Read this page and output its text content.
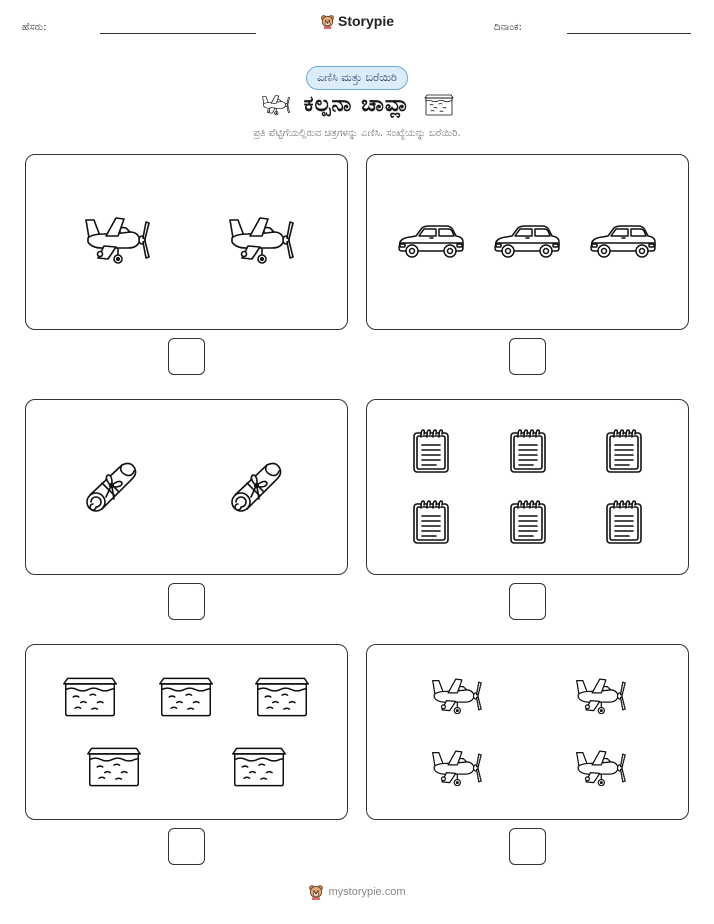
ಹೆಸರು:	Storypie	ದಿನಾಂಕ:
ಎಣಿಸಿ ಮತ್ತು ಬರೆಯಿರಿ
ಕಲ್ಪನಾ ಚಾವ್ಲಾ
ಪ್ರತಿ ಪೆಟ್ಟಿಗೆಯಲ್ಲಿರುವ ಚಿತ್ರಗಳನ್ನು ಎಣಿಸಿ. ಸಂಖ್ಯೆಯನ್ನು ಬರೆಯಿರಿ.
mystorypie.com
